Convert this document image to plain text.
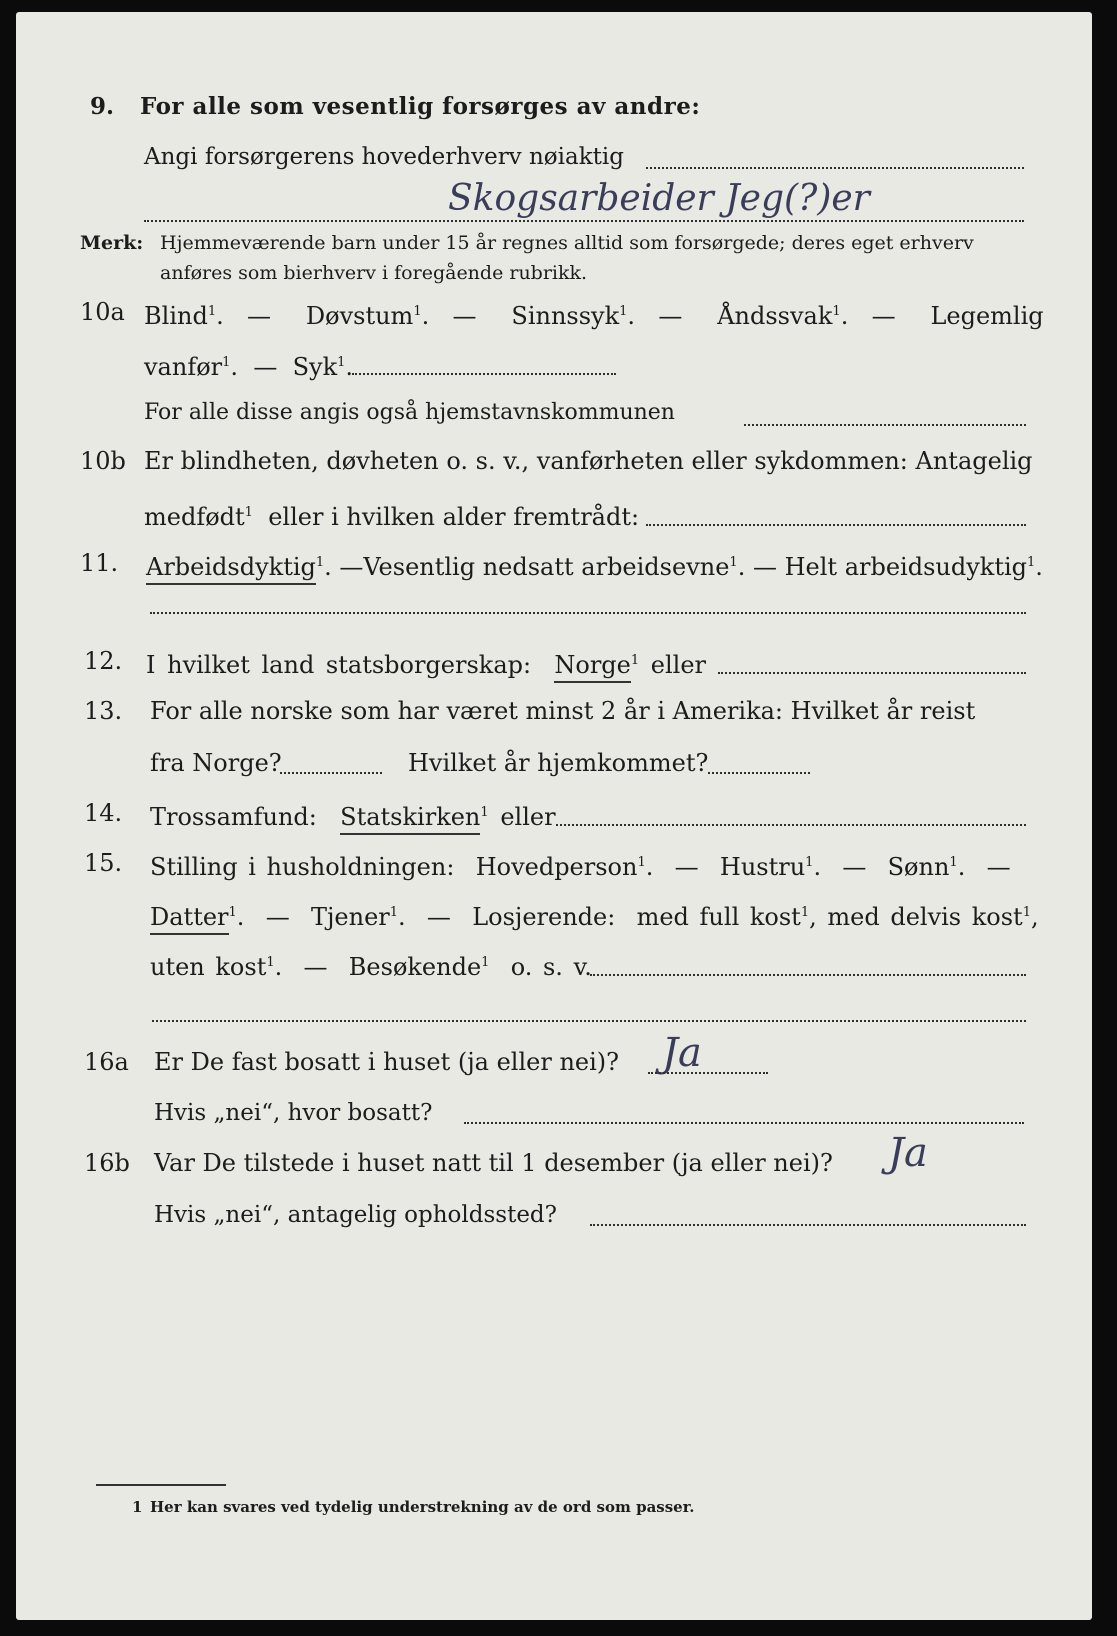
9. For alle som vesentlig forsørges av andre:
Angi forsørgerens hovederhverv nøiaktig
Skogsarbeider Jeg(?)er
Merk: Hjemmeværende barn under 15 år regnes alltid som forsørgede; deres eget erhverv
anføres som bierhverv i foregående rubrikk.
10a Blind$^1$.  — Døvstum$^1$.  — Sinnssyk$^1$.  — Åndssvak$^1$.  — Legemlig
vanfør$^1$.  — Syk$^1$.
For alle disse angis også hjemstavnskommunen
10b Er blindheten, døvheten o. s. v., vanførheten eller sykdommen: Antagelig
medfødt$^1$ eller i hvilken alder fremtrådt:
11. Arbeidsdyktig$^1$. —Vesentlig nedsatt arbeidsevne$^1$. — Helt arbeidsudyktig$^1$.
12. I hvilket land statsborgerskap: Norge$^1$ eller
13. For alle norske som har været minst 2 år i Amerika: Hvilket år reist
fra Norge?	Hvilket år hjemkommet?
14. Trossamfund: Statskirken$^1$ eller
15. Stilling i husholdningen: Hovedperson$^1$.  — Hustru$^1$.  — Sønn$^1$.  —
Datter$^1$.  — Tjener$^1$.  — Losjerende: med full kost$^1$, med delvis kost$^1$,
uten kost$^1$.  — Besøkende$^1$ o. s. v.
16a Er De fast bosatt i huset (ja eller nei)? Ja
Hvis „nei“, hvor bosatt?
16b Var De tilstede i huset natt til 1 desember (ja eller nei)? Ja
Hvis „nei“, antagelig opholdssted?
1 Her kan svares ved tydelig understrekning av de ord som passer.
